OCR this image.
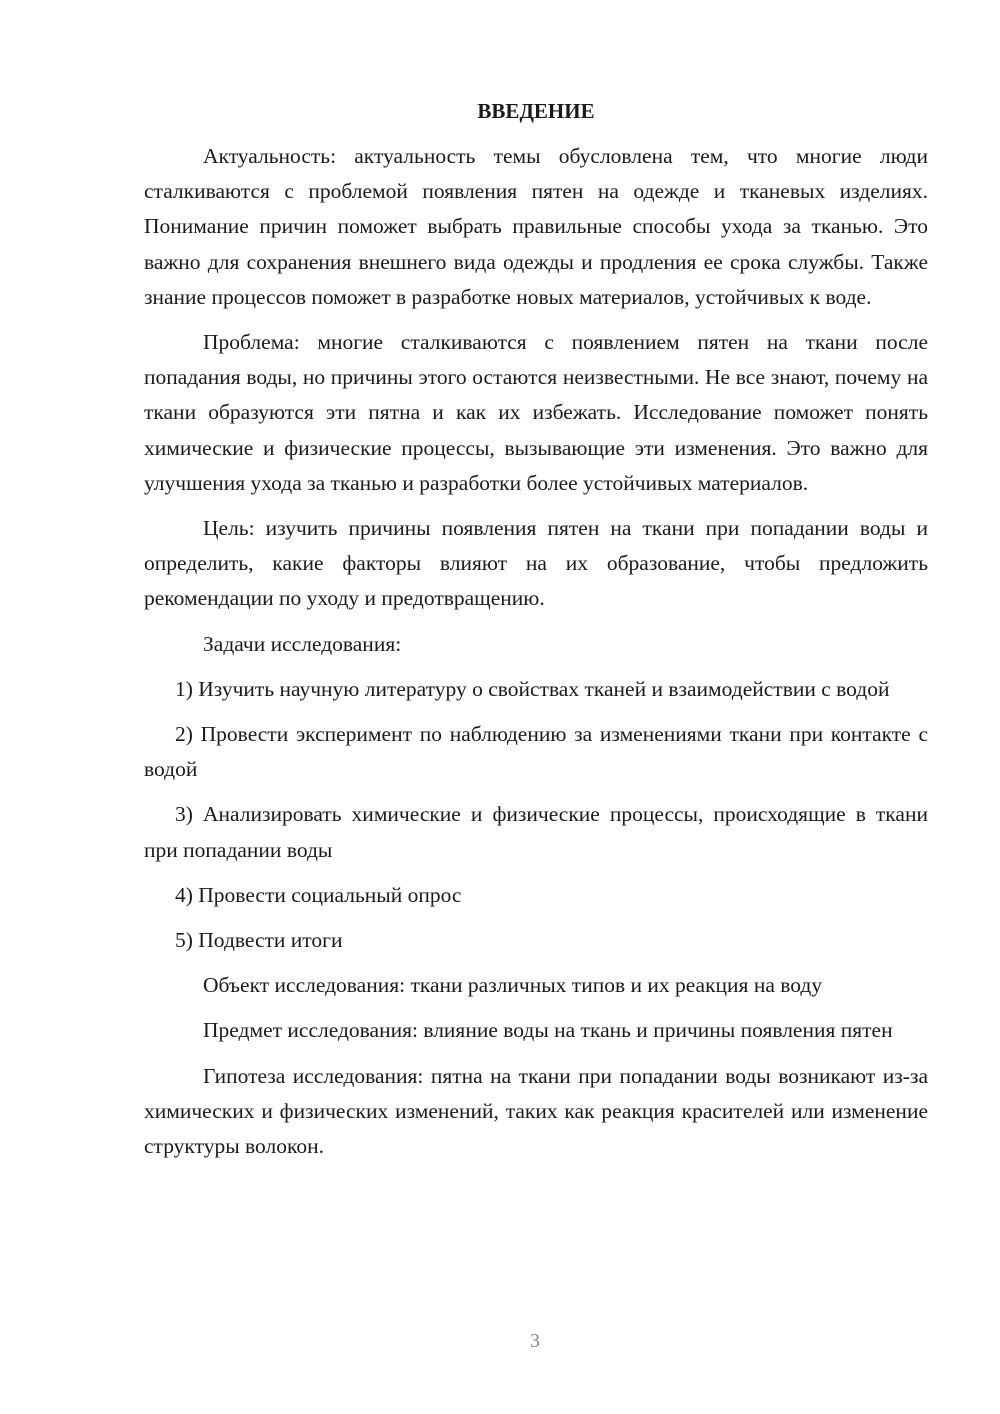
ВВЕДЕНИЕ

Актуальность: актуальность темы обусловлена тем, что многие люди сталкиваются с проблемой появления пятен на одежде и тканевых изделиях. Понимание причин поможет выбрать правильные способы ухода за тканью. Это важно для сохранения внешнего вида одежды и продления ее срока службы. Также знание процессов поможет в разработке новых материалов, устойчивых к воде.

Проблема: многие сталкиваются с появлением пятен на ткани после попадания воды, но причины этого остаются неизвестными. Не все знают, почему на ткани образуются эти пятна и как их избежать. Исследование поможет понять химические и физические процессы, вызывающие эти изменения. Это важно для улучшения ухода за тканью и разработки более устойчивых материалов.

Цель: изучить причины появления пятен на ткани при попадании воды и определить, какие факторы влияют на их образование, чтобы предложить рекомендации по уходу и предотвращению.

Задачи исследования:

1) Изучить научную литературу о свойствах тканей и взаимодействии с водой

2) Провести эксперимент по наблюдению за изменениями ткани при контакте с водой

3) Анализировать химические и физические процессы, происходящие в ткани при попадании воды

4) Провести социальный опрос

5) Подвести итоги

Объект исследования: ткани различных типов и их реакция на воду

Предмет исследования: влияние воды на ткань и причины появления пятен

Гипотеза исследования: пятна на ткани при попадании воды возникают из-за химических и физических изменений, таких как реакция красителей или изменение структуры волокон.

3
